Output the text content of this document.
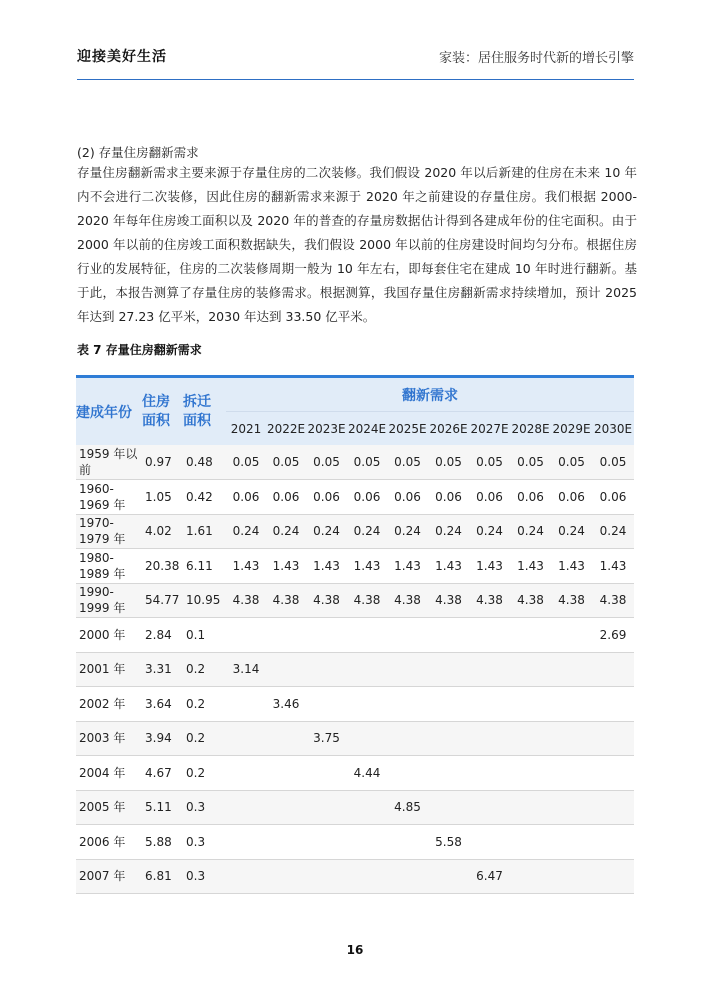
迎接美好生活	家装：居住服务时代新的增长引擎
(2) 存量住房翻新需求
存量住房翻新需求主要来源于存量住房的二次装修。我们假设 2020 年以后新建的住房在未来 10 年内不会进行二次装修，因此住房的翻新需求来源于 2020 年之前建设的存量住房。我们根据 2000-2020 年每年住房竣工面积以及 2020 年的普查的存量房数据估计得到各建成年份的住宅面积。由于 2000 年以前的住房竣工面积数据缺失，我们假设 2000 年以前的住房建设时间均匀分布。根据住房行业的发展特征，住房的二次装修周期一般为 10 年左右，即每套住宅在建成 10 年时进行翻新。基于此，本报告测算了存量住房的装修需求。根据测算，我国存量住房翻新需求持续增加，预计 2025 年达到 27.23 亿平米，2030 年达到 33.50 亿平米。
表 7 存量住房翻新需求
建成年份	住房面积	拆迁面积	翻新需求									
			2021	2022E	2023E	2024E	2025E	2026E	2027E	2028E	2029E	2030E
1959 年以前	0.97	0.48	0.05	0.05	0.05	0.05	0.05	0.05	0.05	0.05	0.05	0.05
1960-1969 年	1.05	0.42	0.06	0.06	0.06	0.06	0.06	0.06	0.06	0.06	0.06	0.06
1970-1979 年	4.02	1.61	0.24	0.24	0.24	0.24	0.24	0.24	0.24	0.24	0.24	0.24
1980-1989 年	20.38	6.11	1.43	1.43	1.43	1.43	1.43	1.43	1.43	1.43	1.43	1.43
1990-1999 年	54.77	10.95	4.38	4.38	4.38	4.38	4.38	4.38	4.38	4.38	4.38	4.38
2000 年	2.84	0.1										2.69
2001 年	3.31	0.2	3.14									
2002 年	3.64	0.2		3.46								
2003 年	3.94	0.2			3.75							
2004 年	4.67	0.2				4.44						
2005 年	5.11	0.3					4.85					
2006 年	5.88	0.3						5.58				
2007 年	6.81	0.3							6.47			
16
